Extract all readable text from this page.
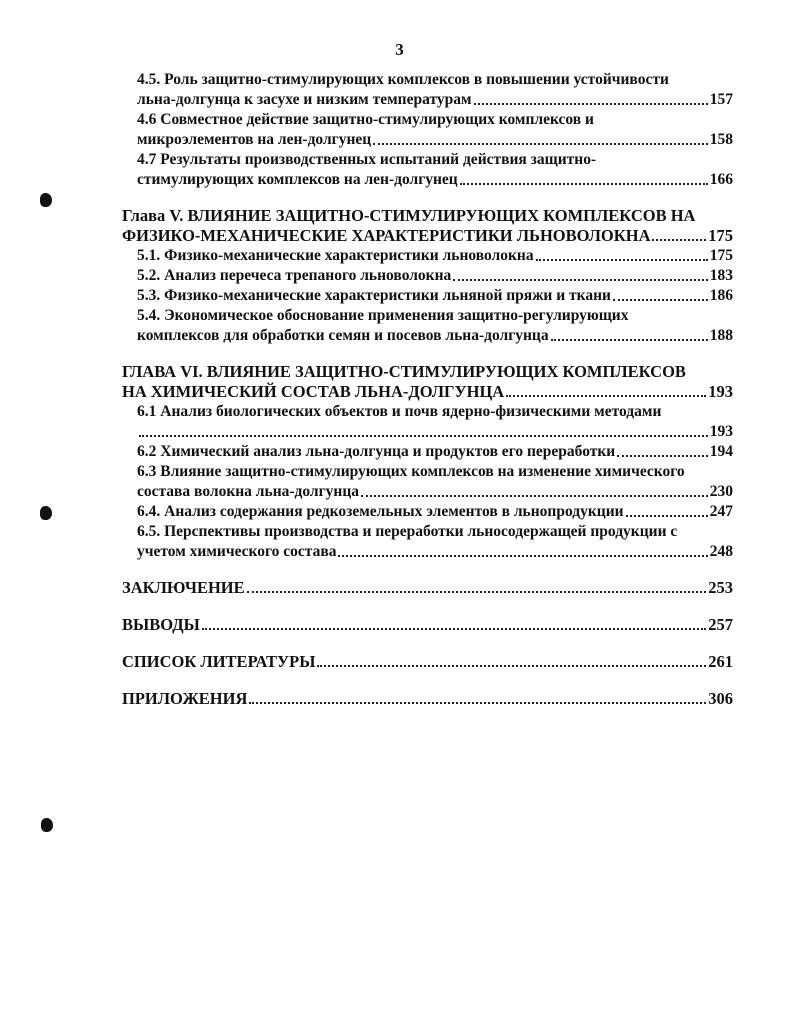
3
4.5. Роль защитно-стимулирующих комплексов в повышении устойчивости
льна-долгунца к засухе и низким температурам	157
4.6 Совместное действие защитно-стимулирующих комплексов и
микроэлементов на лен-долгунец	158
4.7 Результаты производственных испытаний действия защитно-
стимулирующих комплексов на лен-долгунец	166
Глава V. ВЛИЯНИЕ ЗАЩИТНО-СТИМУЛИРУЮЩИХ КОМПЛЕКСОВ НА
ФИЗИКО-МЕХАНИЧЕСКИЕ ХАРАКТЕРИСТИКИ ЛЬНОВОЛОКНА	175
5.1. Физико-механические характеристики льноволокна	175
5.2. Анализ перечеса трепаного льноволокна	183
5.3. Физико-механические характеристики льняной пряжи и ткани	186
5.4. Экономическое обоснование применения защитно-регулирующих
комплексов для обработки семян и посевов льна-долгунца	188
ГЛАВА VI. ВЛИЯНИЕ ЗАЩИТНО-СТИМУЛИРУЮЩИХ КОМПЛЕКСОВ
НА ХИМИЧЕСКИЙ СОСТАВ ЛЬНА-ДОЛГУНЦА	193
6.1 Анализ биологических объектов и почв ядерно-физическими методами
193
6.2 Химический анализ льна-долгунца и продуктов его переработки	194
6.3 Влияние защитно-стимулирующих комплексов на изменение химического
состава волокна льна-долгунца	230
6.4. Анализ содержания редкоземельных элементов в льнопродукции	247
6.5. Перспективы производства и переработки льносодержащей продукции с
учетом химического состава	248
ЗАКЛЮЧЕНИЕ	253
ВЫВОДЫ	257
СПИСОК ЛИТЕРАТУРЫ	261
ПРИЛОЖЕНИЯ	306
